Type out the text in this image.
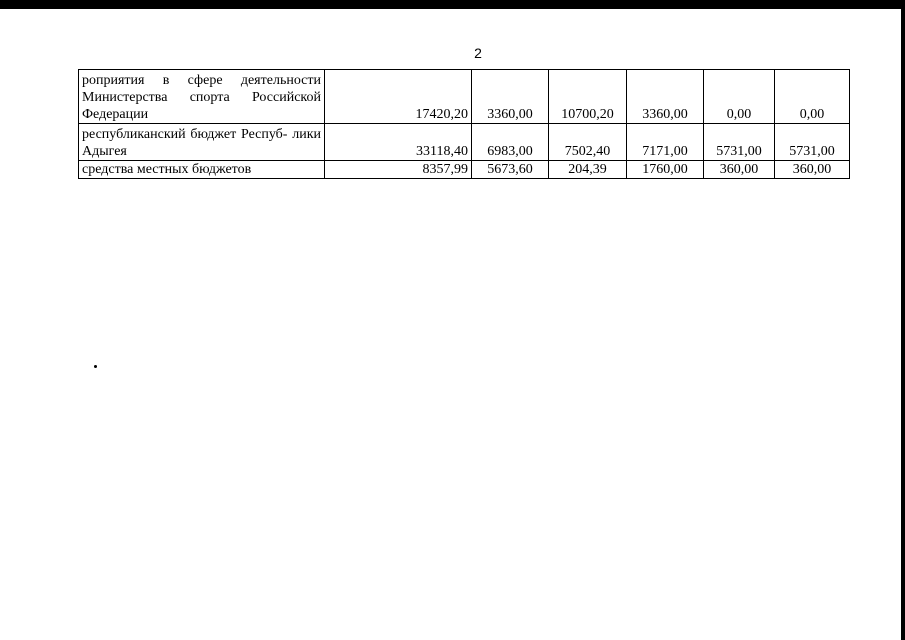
2
роприятия в сфере деятельности Министерства спорта Российской Федерации	17420,20	3360,00	10700,20	3360,00	0,00	0,00
республиканский бюджет Респуб- лики Адыгея	33118,40	6983,00	7502,40	7171,00	5731,00	5731,00
средства местных бюджетов	8357,99	5673,60	204,39	1760,00	360,00	360,00
